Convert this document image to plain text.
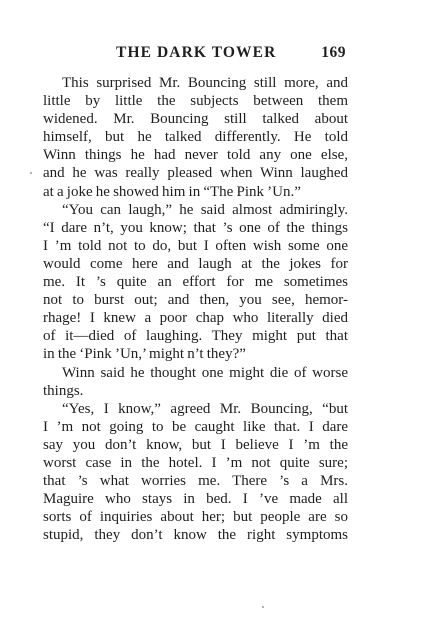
THE DARK TOWER	169
This surprised Mr. Bouncing still more, and
little by little the subjects between them
widened. Mr. Bouncing still talked about
himself, but he talked differently. He told
Winn things he had never told any one else,
and he was really pleased when Winn laughed
at a joke he showed him in “The Pink ’Un.”
“You can laugh,” he said almost admiringly.
“I dare n’t, you know; that ’s one of the things
I ’m told not to do, but I often wish some one
would come here and laugh at the jokes for
me. It ’s quite an effort for me sometimes
not to burst out; and then, you see, hemor-
rhage! I knew a poor chap who literally died
of it—died of laughing. They might put that
in the ‘Pink ’Un,’ might n’t they?”
Winn said he thought one might die of worse
things.
“Yes, I know,” agreed Mr. Bouncing, “but
I ’m not going to be caught like that. I dare
say you don’t know, but I believe I ’m the
worst case in the hotel. I ’m not quite sure;
that ’s what worries me. There ’s a Mrs.
Maguire who stays in bed. I ’ve made all
sorts of inquiries about her; but people are so
stupid, they don’t know the right symptoms
